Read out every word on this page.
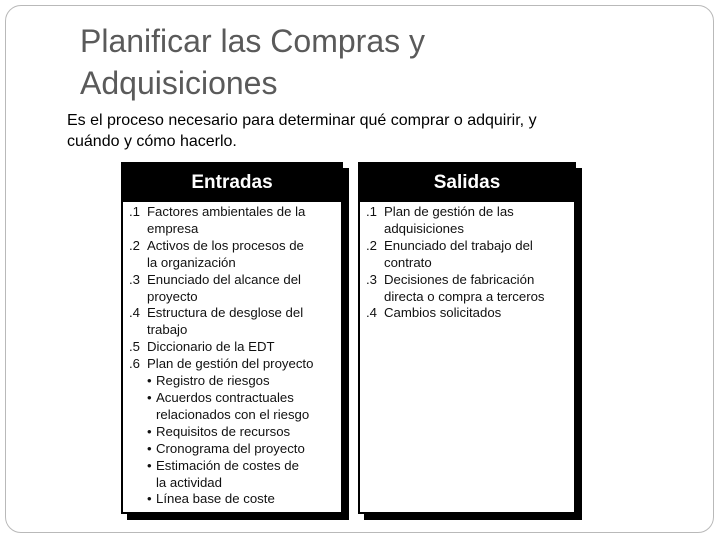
Planificar las Compras y
Adquisiciones
Es el proceso necesario para determinar qué comprar o adquirir, y
cuándo y cómo hacerlo.
Entradas
.1 Factores ambientales de la
empresa
.2 Activos de los procesos de
la organización
.3 Enunciado del alcance del
proyecto
.4 Estructura de desglose del
trabajo
.5 Diccionario de la EDT
.6 Plan de gestión del proyecto
• Registro de riesgos
• Acuerdos contractuales
relacionados con el riesgo
• Requisitos de recursos
• Cronograma del proyecto
• Estimación de costes de
la actividad
• Línea base de coste
Salidas
.1 Plan de gestión de las
adquisiciones
.2 Enunciado del trabajo del
contrato
.3 Decisiones de fabricación
directa o compra a terceros
.4 Cambios solicitados
